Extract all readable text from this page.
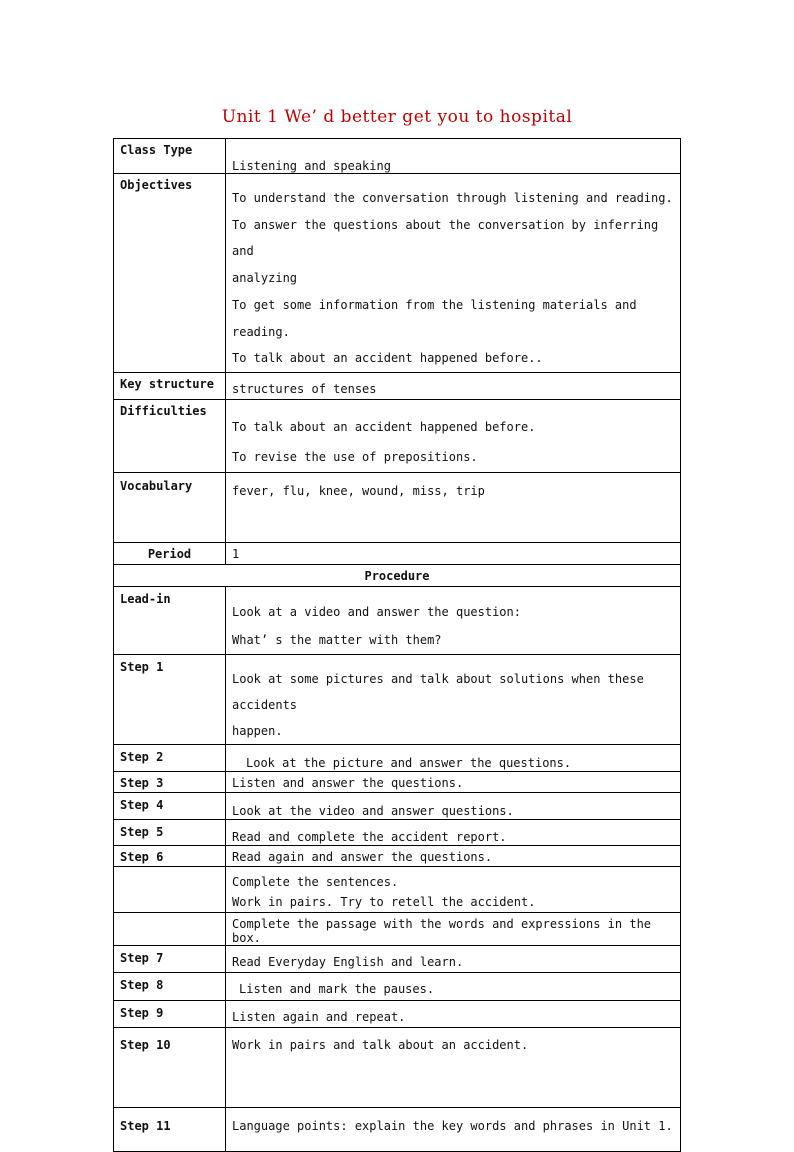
Unit 1 We’ d better get you to hospital
Class Type	Listening and speaking

Objectives	To understand the conversation through listening and reading.
To answer the questions about the conversation by inferring and
analyzing
To get some information from the listening materials and reading.
To talk about an accident happened before..

Key structure	structures of tenses

Difficulties	To talk about an accident happened before.
To revise the use of prepositions.

Vocabulary	fever, flu, knee, wound, miss, trip

Period	1

Procedure	
Lead-in	Look at a video and answer the question:
What’ s the matter with them?

Step 1	Look at some pictures and talk about solutions when these accidents
happen.

Step 2	Look at the picture and answer the questions.

Step 3	Listen and answer the questions.

Step 4	Look at the video and answer questions.

Step 5	Read and complete the accident report.

Step 6	Read again and answer the questions.

	Complete the sentences.
Work in pairs. Try to retell the accident.

	Complete the passage with the words and expressions in the box.

Step 7	Read Everyday English and learn.

Step 8	Listen and mark the pauses.

Step 9	Listen again and repeat.

Step 10	Work in pairs and talk about an accident.

Step 11	Language points: explain the key words and phrases in Unit 1.
